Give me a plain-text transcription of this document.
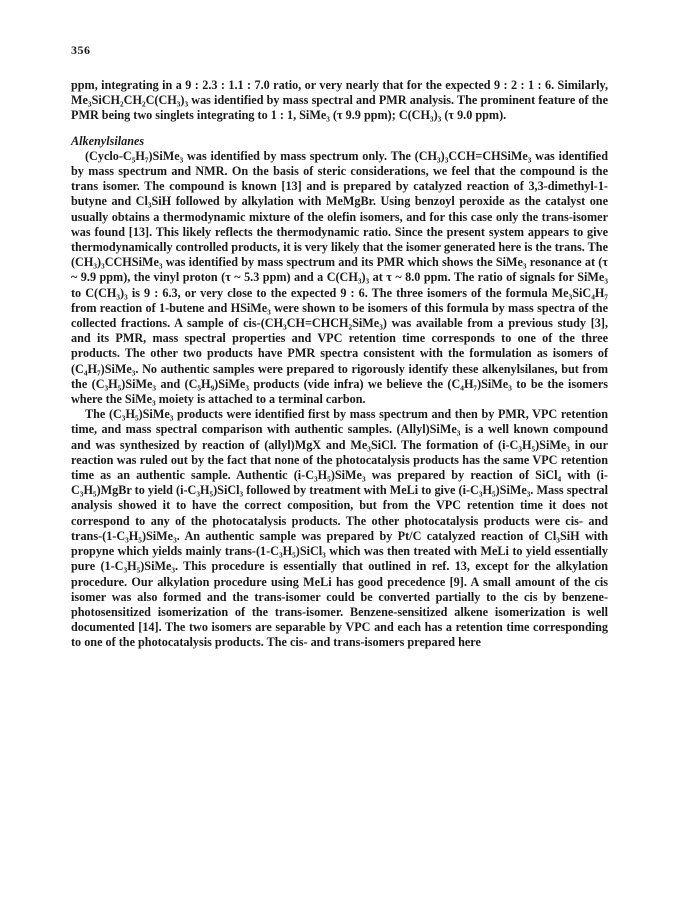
356

ppm, integrating in a 9 : 2.3 : 1.1 : 7.0 ratio, or very nearly that for the expected 9 : 2 : 1 : 6. Similarly, Me₃SiCH₂CH₂C(CH₃)₃ was identified by mass spectral and PMR analysis. The prominent feature of the PMR being two singlets integrating to 1 : 1, SiMe₃ (τ 9.9 ppm); C(CH₃)₃ (τ 9.0 ppm).

Alkenylsilanes

(Cyclo-C₅H₇)SiMe₃ was identified by mass spectrum only. The (CH₃)₃CCH=CHSiMe₃ was identified by mass spectrum and NMR. On the basis of steric considerations, we feel that the compound is the trans isomer. The compound is known [13] and is prepared by catalyzed reaction of 3,3-dimethyl-1-butyne and Cl₃SiH followed by alkylation with MeMgBr. Using benzoyl peroxide as the catalyst one usually obtains a thermodynamic mixture of the olefin isomers, and for this case only the trans-isomer was found [13]. This likely reflects the thermodynamic ratio. Since the present system appears to give thermodynamically controlled products, it is very likely that the isomer generated here is the trans. The (CH₃)₃CCHSiMe₃ was identified by mass spectrum and its PMR which shows the SiMe₃ resonance at (τ ~ 9.9 ppm), the vinyl proton (τ ~ 5.3 ppm) and a C(CH₃)₃ at τ ~ 8.0 ppm. The ratio of signals for SiMe₃ to C(CH₃)₃ is 9 : 6.3, or very close to the expected 9 : 6. The three isomers of the formula Me₃SiC₄H₇ from reaction of 1-butene and HSiMe₃ were shown to be isomers of this formula by mass spectra of the collected fractions. A sample of cis-(CH₃CH=CHCH₂SiMe₃) was available from a previous study [3], and its PMR, mass spectral properties and VPC retention time corresponds to one of the three products. The other two products have PMR spectra consistent with the formulation as isomers of (C₄H₇)SiMe₃. No authentic samples were prepared to rigorously identify these alkenylsilanes, but from the (C₃H₅)SiMe₃ and (C₅H₉)SiMe₃ products (vide infra) we believe the (C₄H₇)SiMe₃ to be the isomers where the SiMe₃ moiety is attached to a terminal carbon.

The (C₃H₅)SiMe₃ products were identified first by mass spectrum and then by PMR, VPC retention time, and mass spectral comparison with authentic samples. (Allyl)SiMe₃ is a well known compound and was synthesized by reaction of (allyl)MgX and Me₃SiCl. The formation of (i-C₃H₅)SiMe₃ in our reaction was ruled out by the fact that none of the photocatalysis products has the same VPC retention time as an authentic sample. Authentic (i-C₃H₅)SiMe₃ was prepared by reaction of SiCl₄ with (i-C₃H₅)MgBr to yield (i-C₃H₅)SiCl₃ followed by treatment with MeLi to give (i-C₃H₅)SiMe₃. Mass spectral analysis showed it to have the correct composition, but from the VPC retention time it does not correspond to any of the photocatalysis products. The other photocatalysis products were cis- and trans-(1-C₃H₅)SiMe₃. An authentic sample was prepared by Pt/C catalyzed reaction of Cl₃SiH with propyne which yields mainly trans-(1-C₃H₅)SiCl₃ which was then treated with MeLi to yield essentially pure (1-C₃H₅)SiMe₃. This procedure is essentially that outlined in ref. 13, except for the alkylation procedure. Our alkylation procedure using MeLi has good precedence [9]. A small amount of the cis isomer was also formed and the trans-isomer could be converted partially to the cis by benzene-photosensitized isomerization of the trans-isomer. Benzene-sensitized alkene isomerization is well documented [14]. The two isomers are separable by VPC and each has a retention time corresponding to one of the photocatalysis products. The cis- and trans-isomers prepared here
